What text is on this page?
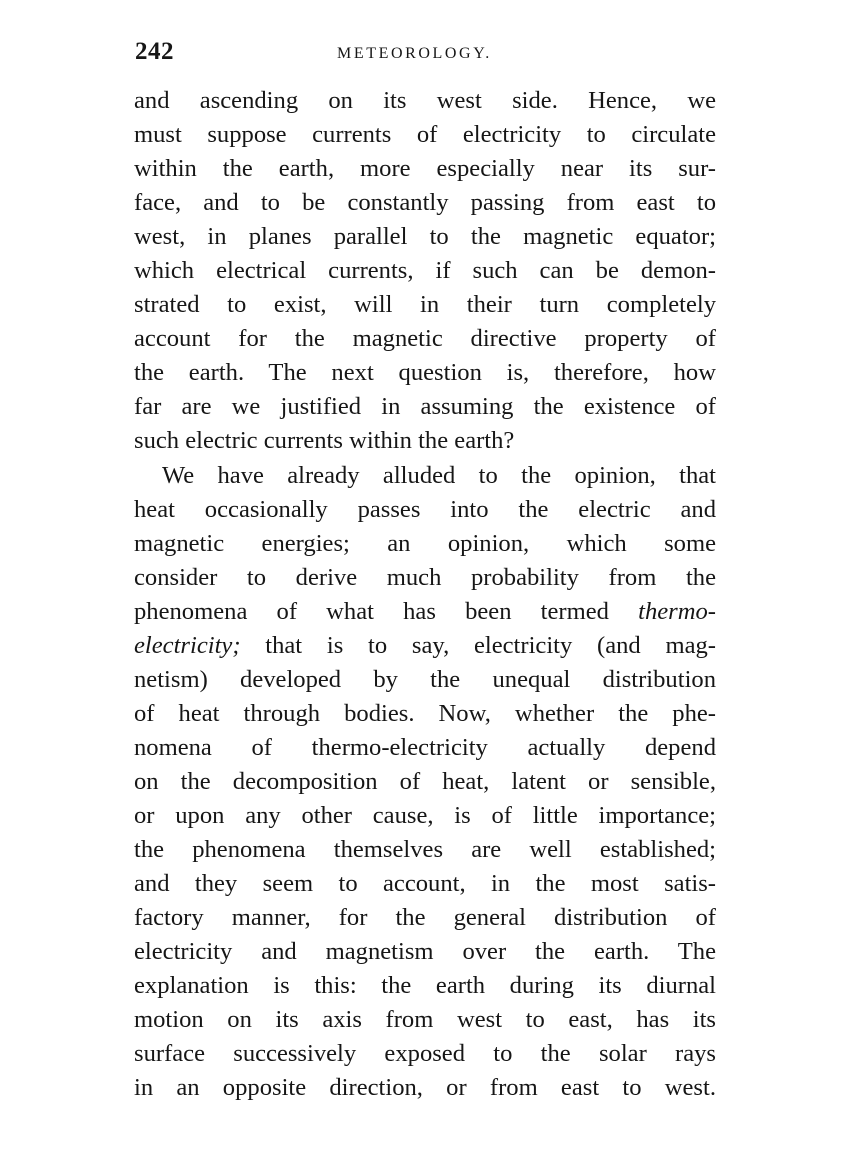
242	METEOROLOGY.
and ascending on its west side. Hence, we
must suppose currents of electricity to circulate
within the earth, more especially near its sur-
face, and to be constantly passing from east to
west, in planes parallel to the magnetic equator;
which electrical currents, if such can be demon-
strated to exist, will in their turn completely
account for the magnetic directive property of
the earth. The next question is, therefore, how
far are we justified in assuming the existence of
such electric currents within the earth?
We have already alluded to the opinion, that
heat occasionally passes into the electric and
magnetic energies; an opinion, which some
consider to derive much probability from the
phenomena of what has been termed thermo-
electricity; that is to say, electricity (and mag-
netism) developed by the unequal distribution
of heat through bodies. Now, whether the phe-
nomena of thermo-electricity actually depend
on the decomposition of heat, latent or sensible,
or upon any other cause, is of little importance;
the phenomena themselves are well established;
and they seem to account, in the most satis-
factory manner, for the general distribution of
electricity and magnetism over the earth. The
explanation is this: the earth during its diurnal
motion on its axis from west to east, has its
surface successively exposed to the solar rays
in an opposite direction, or from east to west.
